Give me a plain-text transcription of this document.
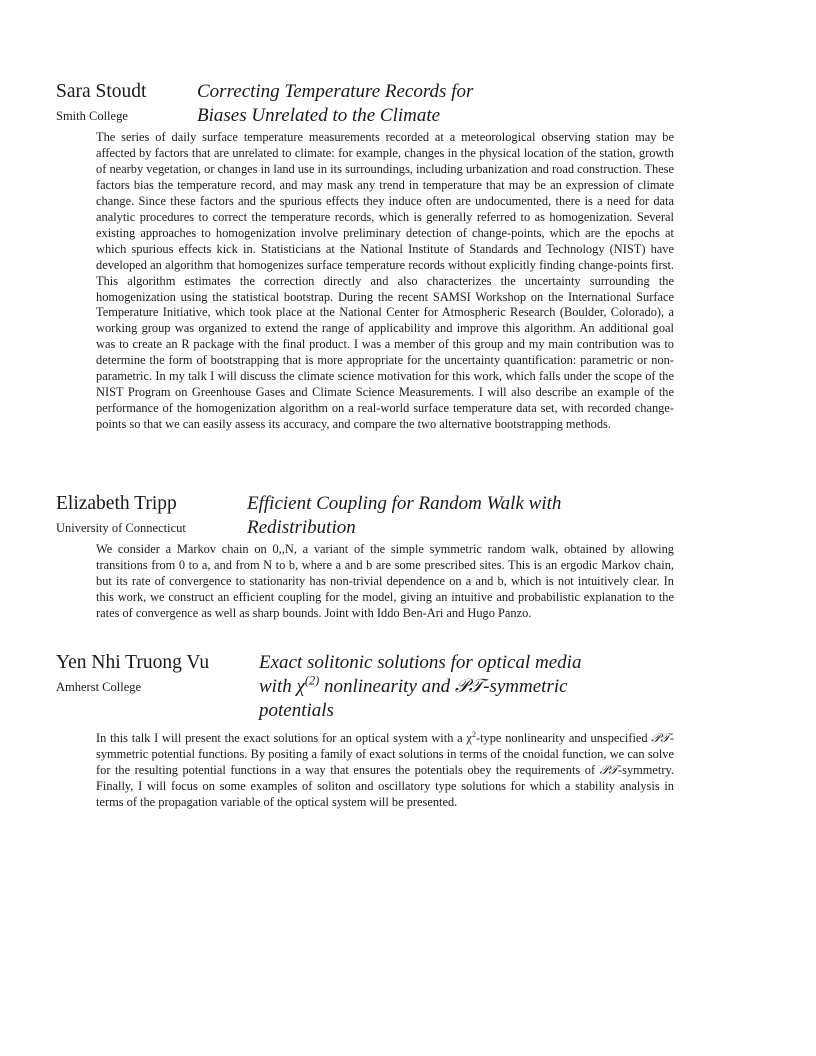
Sara Stoudt
Smith College
Correcting Temperature Records for
Biases Unrelated to the Climate

The series of daily surface temperature measurements recorded at a meteorological observing station may be affected by factors that are unrelated to climate: for example, changes in the physical location of the station, growth of nearby vegetation, or changes in land use in its surroundings, including urbanization and road construction. These factors bias the temperature record, and may mask any trend in temperature that may be an expression of climate change. Since these factors and the spurious effects they induce often are undocumented, there is a need for data analytic procedures to correct the temperature records, which is generally referred to as homogenization. Several existing approaches to homogenization involve preliminary detection of change-points, which are the epochs at which spurious effects kick in. Statisticians at the National Institute of Standards and Technology (NIST) have developed an algorithm that homogenizes surface temperature records without explicitly finding change-points first. This algorithm estimates the correction directly and also characterizes the uncertainty surrounding the homogenization using the statistical bootstrap. During the recent SAMSI Workshop on the International Surface Temperature Initiative, which took place at the National Center for Atmospheric Research (Boulder, Colorado), a working group was organized to extend the range of applicability and improve this algorithm. An additional goal was to create an R package with the final product. I was a member of this group and my main contribution was to determine the form of bootstrapping that is more appropriate for the uncertainty quantification: parametric or non-parametric. In my talk I will discuss the climate science motivation for this work, which falls under the scope of the NIST Program on Greenhouse Gases and Climate Science Measurements. I will also describe an example of the performance of the homogenization algorithm on a real-world surface temperature data set, with recorded change-points so that we can easily assess its accuracy, and compare the two alternative bootstrapping methods.

Elizabeth Tripp
University of Connecticut
Efficient Coupling for Random Walk with
Redistribution

We consider a Markov chain on 0,,N, a variant of the simple symmetric random walk, obtained by allowing transitions from 0 to a, and from N to b, where a and b are some prescribed sites. This is an ergodic Markov chain, but its rate of convergence to stationarity has non-trivial dependence on a and b, which is not intuitively clear. In this work, we construct an efficient coupling for the model, giving an intuitive and probabilistic explanation to the rates of convergence as well as sharp bounds. Joint with Iddo Ben-Ari and Hugo Panzo.

Yen Nhi Truong Vu
Amherst College
Exact solitonic solutions for optical media
with $\chi^{(2)}$ nonlinearity and 𝒫𝒯-symmetric
potentials

In this talk I will present the exact solutions for an optical system with a $\chi^2$-type nonlinearity and unspecified 𝒫𝒯-symmetric potential functions. By positing a family of exact solutions in terms of the cnoidal function, we can solve for the resulting potential functions in a way that ensures the potentials obey the requirements of 𝒫𝒯-symmetry. Finally, I will focus on some examples of soliton and oscillatory type solutions for which a stability analysis in terms of the propagation variable of the optical system will be presented.
